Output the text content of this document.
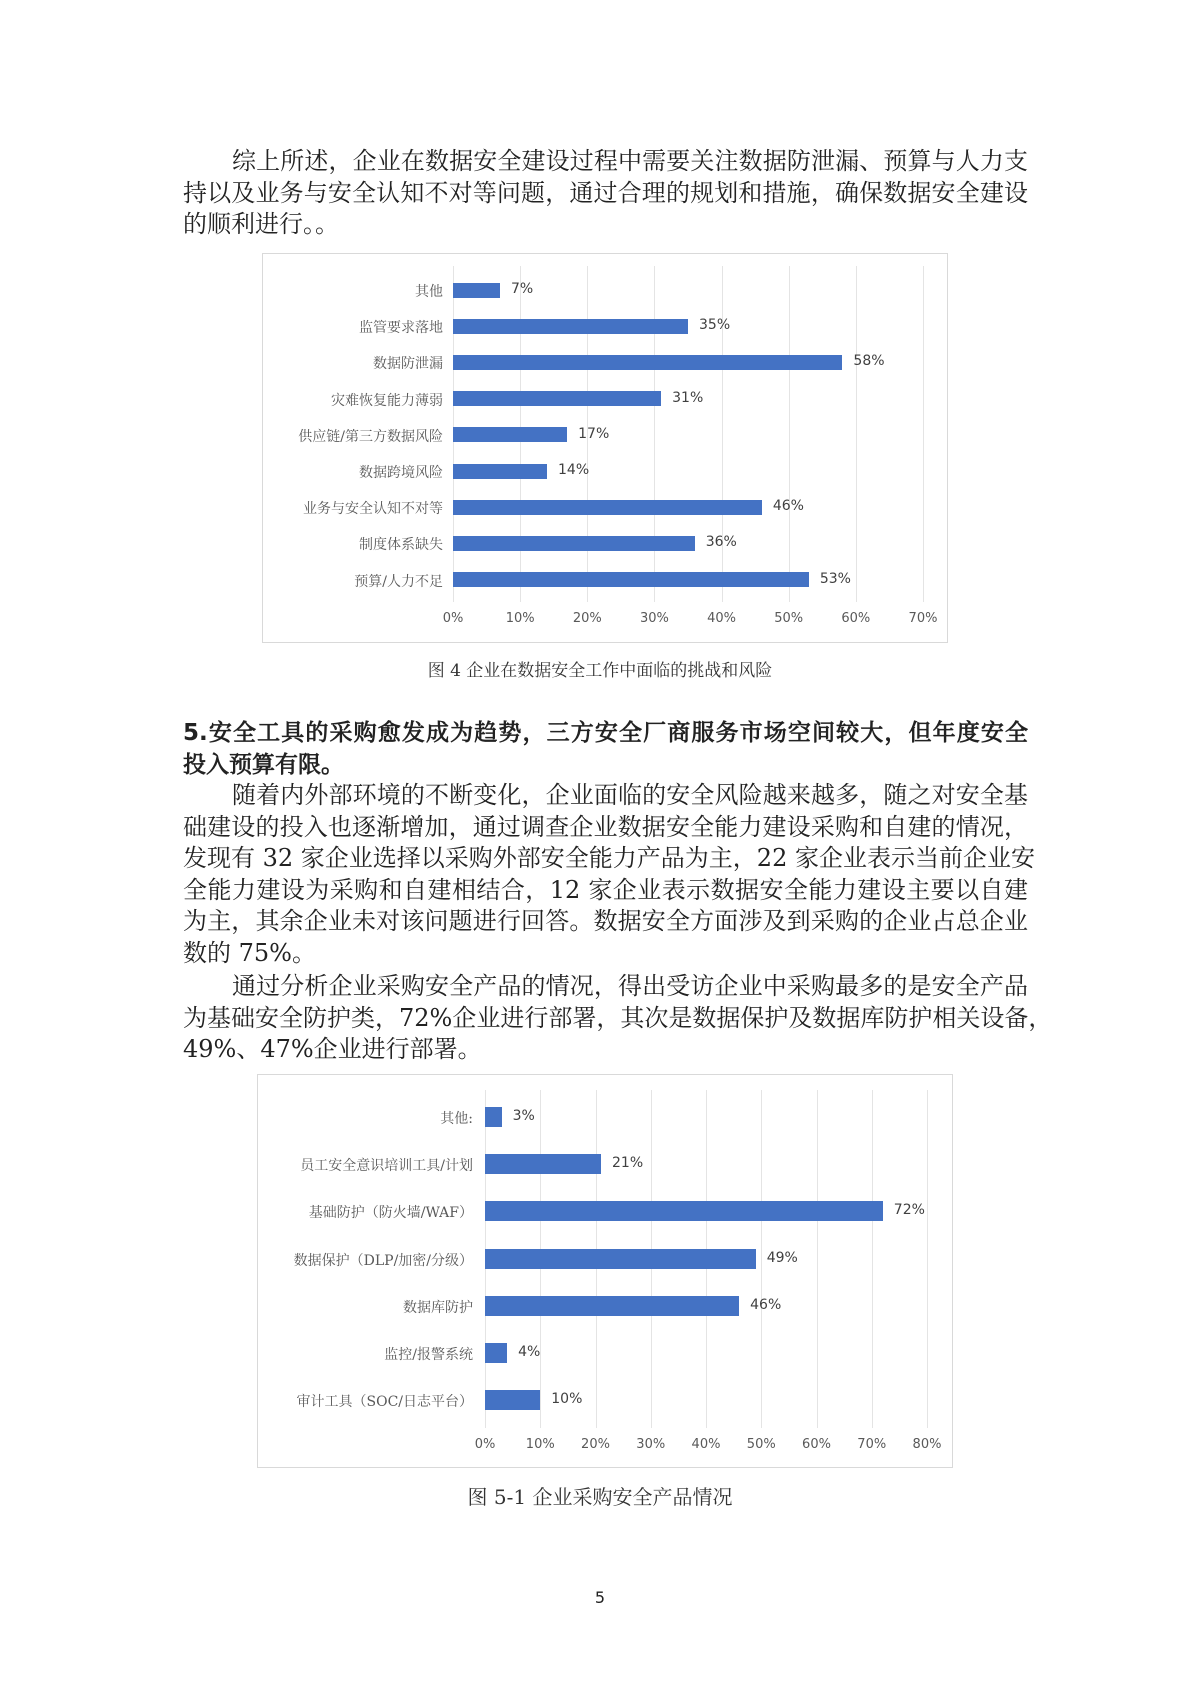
综上所述，企业在数据安全建设过程中需要关注数据防泄漏、预算与人力支
持以及业务与安全认知不对等问题，通过合理的规划和措施，确保数据安全建设
的顺利进行。。
图 4 企业在数据安全工作中面临的挑战和风险
5.安全工具的采购愈发成为趋势，三方安全厂商服务市场空间较大，但年度安全
投入预算有限。
随着内外部环境的不断变化，企业面临的安全风险越来越多，随之对安全基
础建设的投入也逐渐增加，通过调查企业数据安全能力建设采购和自建的情况，
发现有 32 家企业选择以采购外部安全能力产品为主，22 家企业表示当前企业安
全能力建设为采购和自建相结合，12 家企业表示数据安全能力建设主要以自建
为主，其余企业未对该问题进行回答。数据安全方面涉及到采购的企业占总企业
数的 75%。
通过分析企业采购安全产品的情况，得出受访企业中采购最多的是安全产品
为基础安全防护类，72%企业进行部署，其次是数据保护及数据库防护相关设备，
49%、47%企业进行部署。
图 5-1 企业采购安全产品情况
5
0%	10%	20%	30%	40%	50%	60%	70%
其他	7%
监管要求落地	35%
数据防泄漏	58%
灾难恢复能力薄弱	31%
供应链/第三方数据风险	17%
数据跨境风险	14%
业务与安全认知不对等	46%
制度体系缺失	36%
预算/人力不足	53%
0% 10% 20% 30% 40% 50% 60% 70% 80%
其他:	3%
员工安全意识培训工具/计划	21%
基础防护（防火墙/WAF）	72%
数据保护（DLP/加密/分级）	49%
数据库防护	46%
监控/报警系统	4%
审计工具（SOC/日志平台）	10%
